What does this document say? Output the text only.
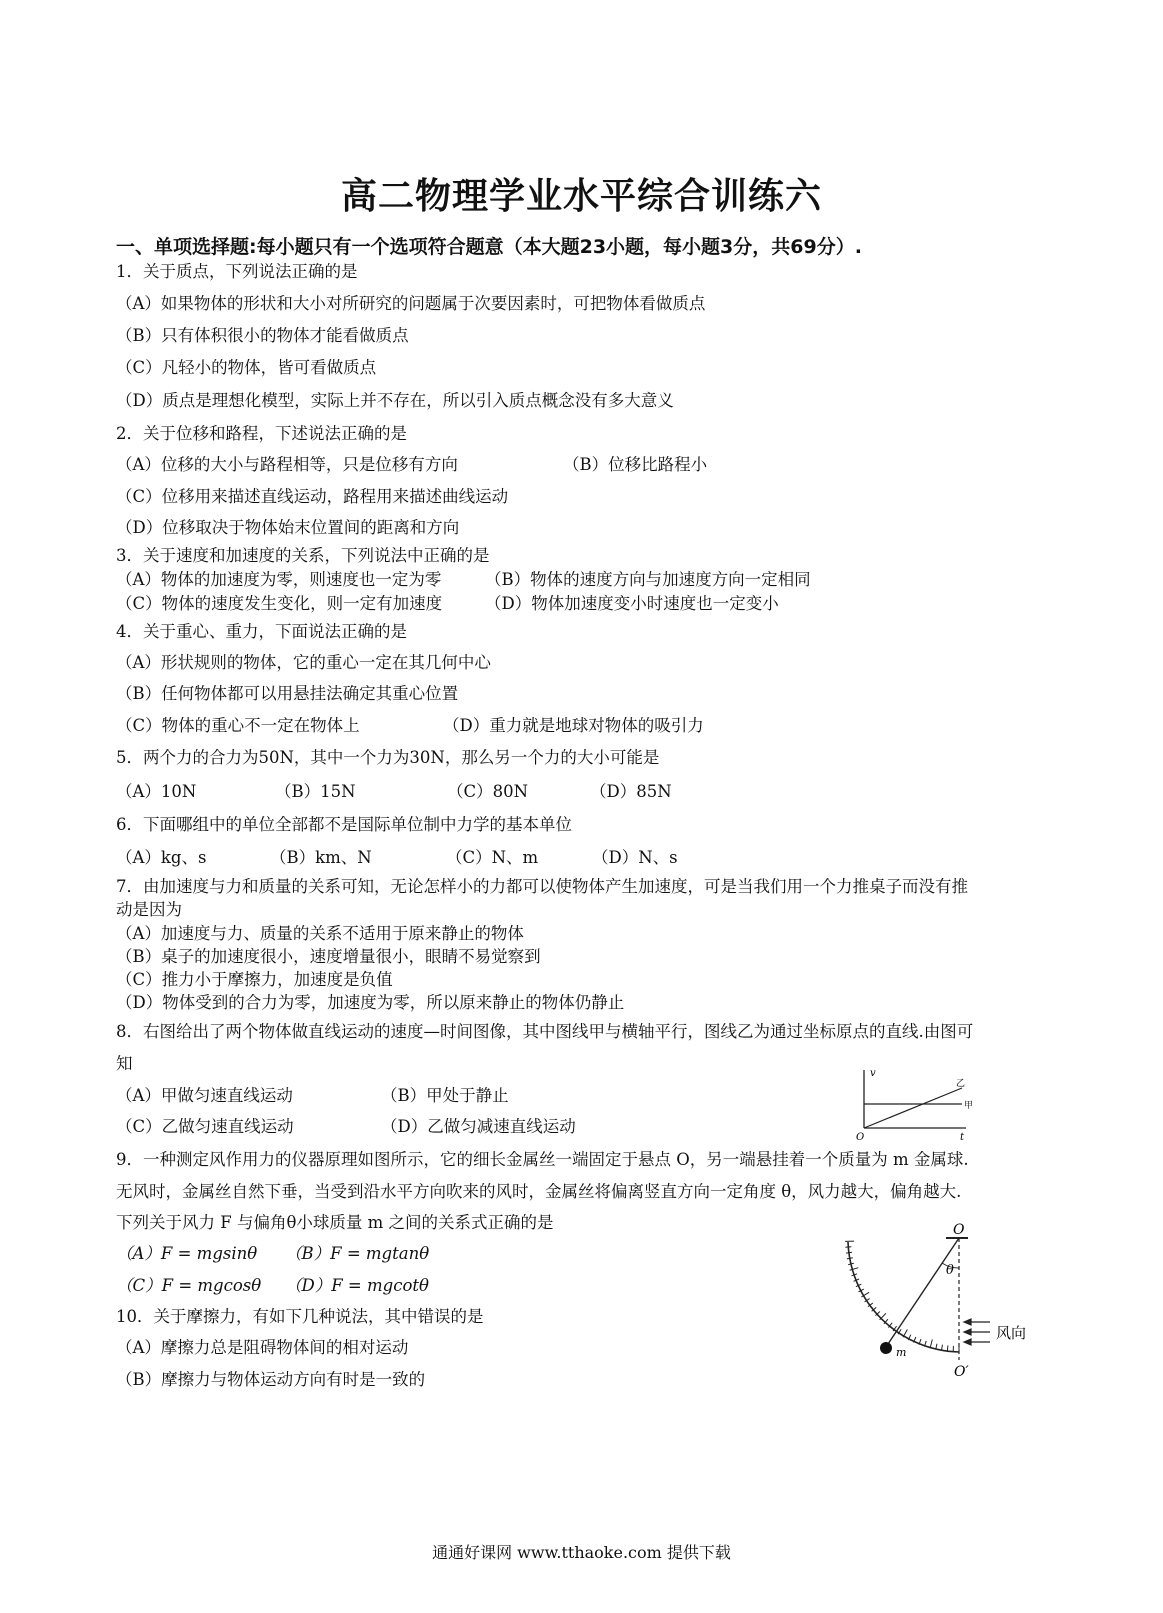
高二物理学业水平综合训练六
一、单项选择题:每小题只有一个选项符合题意（本大题23小题，每小题3分，共69分）.
1．关于质点，下列说法正确的是
（A）如果物体的形状和大小对所研究的问题属于次要因素时，可把物体看做质点
（B）只有体积很小的物体才能看做质点
（C）凡轻小的物体，皆可看做质点
（D）质点是理想化模型，实际上并不存在，所以引入质点概念没有多大意义
2．关于位移和路程，下述说法正确的是
（A）位移的大小与路程相等，只是位移有方向	（B）位移比路程小
（C）位移用来描述直线运动，路程用来描述曲线运动
（D）位移取决于物体始末位置间的距离和方向
3．关于速度和加速度的关系，下列说法中正确的是
（A）物体的加速度为零，则速度也一定为零	（B）物体的速度方向与加速度方向一定相同
（C）物体的速度发生变化，则一定有加速度	（D）物体加速度变小时速度也一定变小
4．关于重心、重力，下面说法正确的是
（A）形状规则的物体，它的重心一定在其几何中心
（B）任何物体都可以用悬挂法确定其重心位置
（C）物体的重心不一定在物体上	（D）重力就是地球对物体的吸引力
5．两个力的合力为50N，其中一个力为30N，那么另一个力的大小可能是
（A）10N	（B）15N	（C）80N	（D）85N
6．下面哪组中的单位全部都不是国际单位制中力学的基本单位
（A）kg、s	（B）km、N	（C）N、m	（D）N、s
7．由加速度与力和质量的关系可知，无论怎样小的力都可以使物体产生加速度，可是当我们用一个力推桌子而没有推
动是因为
（A）加速度与力、质量的关系不适用于原来静止的物体
（B）桌子的加速度很小，速度增量很小，眼睛不易觉察到
（C）推力小于摩擦力，加速度是负值
（D）物体受到的合力为零，加速度为零，所以原来静止的物体仍静止
8．右图给出了两个物体做直线运动的速度—时间图像，其中图线甲与横轴平行，图线乙为通过坐标原点的直线.由图可
知
（A）甲做匀速直线运动	（B）甲处于静止
（C）乙做匀速直线运动	（D）乙做匀减速直线运动
v
O	t
乙
甲
9．一种测定风作用力的仪器原理如图所示，它的细长金属丝一端固定于悬点 O，另一端悬挂着一个质量为 m 金属球.
无风时，金属丝自然下垂，当受到沿水平方向吹来的风时，金属丝将偏离竖直方向一定角度 θ，风力越大，偏角越大.
下列关于风力 F 与偏角θ小球质量 m 之间的关系式正确的是
（A）F = mgsinθ （B）F = mgtanθ
（C）F = mgcosθ （D）F = mgcotθ
O
θ
m
O′
风向
10．关于摩擦力，有如下几种说法，其中错误的是
（A）摩擦力总是阻碍物体间的相对运动
（B）摩擦力与物体运动方向有时是一致的
通通好课网 www.tthaoke.com 提供下载
